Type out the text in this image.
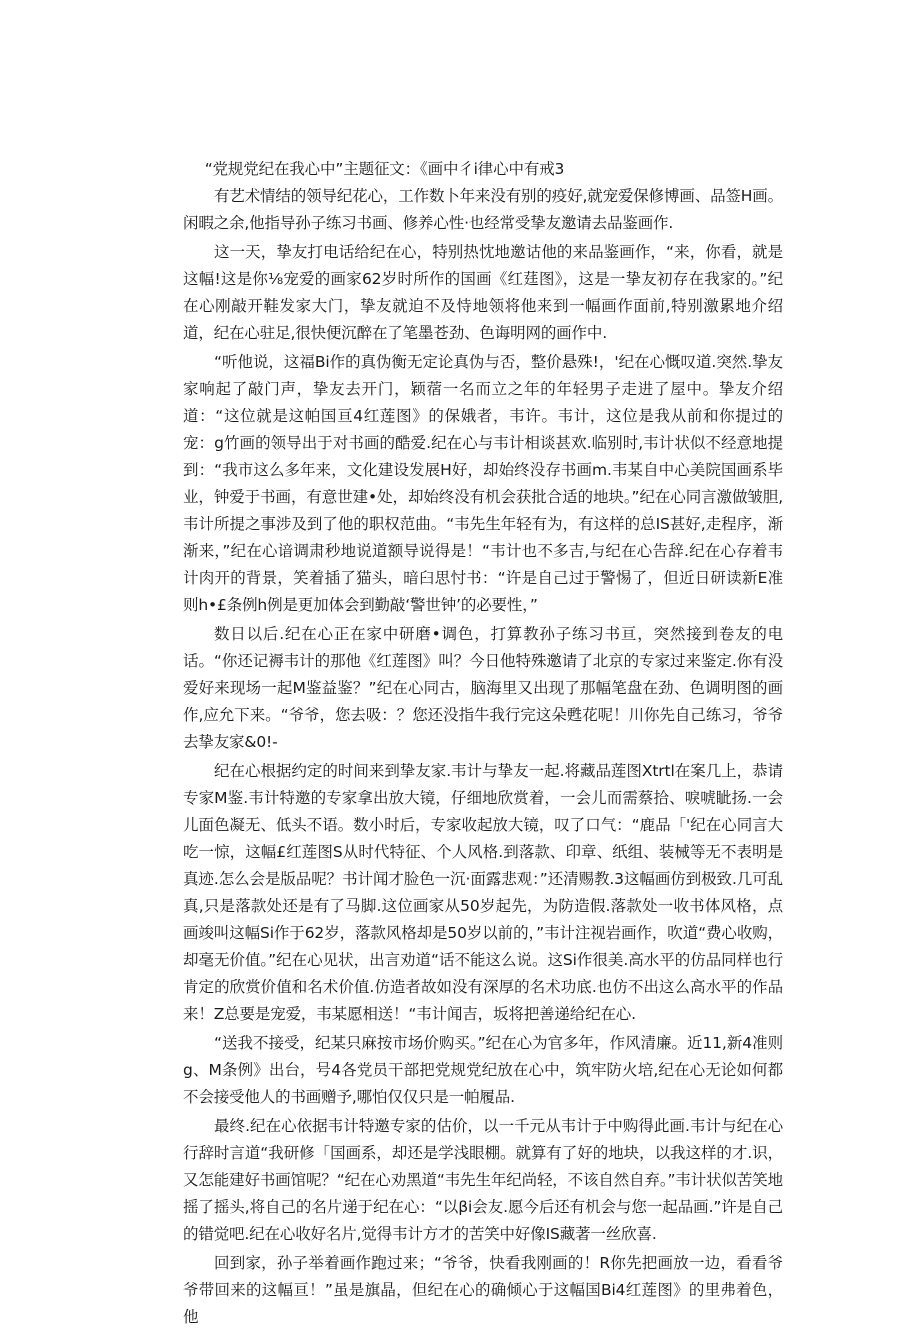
“党规党纪在我心中”主题征文：《画中彳i律心中有戒3

有艺术情结的领导纪花心，工作数卜年来没有别的疫好,就宠爱保修博画、品签H画。闲暇之余,他指导孙子练习书画、修养心性·也经常受挚友邀请去品鉴画作.

这一天，挚友打电话给纪在心，特别热忱地邀诂他的来品鉴画作，“来，你看，就是这幅!这是你⅛宠爱的画家62岁时所作的国画《红莛图》，这是一挚友初存在我家的。”纪在心刚敲开鞋发家大门，挚友就迫不及恃地领将他来到一幅画作面前,特别激累地介绍道，纪在心驻足,很快便沉醉在了笔墨苍劲、色诲明网的画作中.

“听他说，这福Bi作的真伪衡无定论真伪与否，整价悬殊!，'纪在心慨叹道.突然.挚友家响起了敲门声，挚友去开门，颖蓿一名而立之年的年轻男子走进了屋中。挚友介绍道：“这位就是这帕国亘4红莲图》的保娥者，韦许。韦计，这位是我从前和你提过的宠：g竹画的领导出于对书画的酷爱.纪在心与韦计相谈甚欢.临别时,韦计状似不经意地提到：“我市这么多年来，文化建设发展H好，却始终没存书画m.韦某自中心美院国画系毕业，钟爱于书画，有意世建•处，却始终没有机会获批合适的地块。”纪在心同言激做皱胆,韦计所提之事涉及到了他的职权范曲。“韦先生年轻有为，有这样的总IS甚好,走程序，渐渐来，”纪在心谙调肃秒地说道额导说得是！“韦计也不多吉,与纪在心告辞.纪在心存着韦计肉开的背景，笑着插了猫头，暗臼思忖书：“许是自己过于警惕了，但近日研读新E准则h•£条例h例是更加体会到勤敲‘警世钟’的必要性，”

数日以后.纪在心正在家中研磨•调色，打算教孙子练习书亘，突然接到卷友的电话。“你还记褥韦计的那他《红莲图》叫？今日他特殊邀请了北京的专家过来鉴定.你有没爱好来现场一起M鉴益鉴？”纪在心同古，脑海里又出现了那幅笔盘在劲、色调明图的画作,应允下来。“爷爷，您去吸：？您还没指牛我行完这朵甦花呢！川你先自己练习，爷爷去挚友家&0!-

纪在心根据约定的时间来到挚友家.韦计与挚友一起.将藏品莲图Xtrtl在案几上，恭请专家M鉴.韦计特邀的专家拿出放大镜，仔细地欣赏着，一会儿而需蔡拾、唳唬眦扬.一会儿面色凝无、低头不语。数小时后，专家收起放大镜，叹了口气：“鹿品「'纪在心同言大吃一惊，这幅£红莲图S从时代特征、个人风格.到落款、印章、纸组、装械等无不表明是真迹.怎么会是版品呢？书计闻才脸色一沉·面露悲观：”还清赐教.3这幅画仿到极致.几可乱真,只是落款处还是有了马脚.这位画家从50岁起先，为防造假.落款处一收书体风格，点画竣叫这幅Si作于62岁，落款风格却是50岁以前的，”韦计注视岩画作，吹道“费心收购，却毫无价值。”纪在心见状，出言劝道“话不能这么说。这Si作很美.高水平的仿品同样也行肯定的欣赏价值和名术价值.仿造者故如没有深厚的名术功底.也仿不出这么高水平的作品来！Z总要是宠爱，韦某愿相送！“韦计闻吉，坂将把善递给纪在心.

“送我不接受，纪某只麻按市场价购买。”纪在心为官多年，作风清廉。近11,新4准则g、M条例》出台，号4各党员干部把党规党纪放在心中，筑牢防火培,纪在心无论如何都不会接受他人的书画赠予,哪怕仅仅只是一帕履品.

最终.纪在心依据韦计特邀专家的估价，以一千元从韦计于中购得此画.韦计与纪在心行辞时言道“我研修「国画系，却还是学浅眼棚。就算有了好的地块，以我这样的才.识，又怎能建好书画馆呢？“纪在心劝黑道“韦先生年纪尚轻，不该自然自弃。”韦计状似苦笑地摇了摇头,将自己的名片递于纪在心：“以βi会友.愿今后还有机会与您一起品画.”许是自己的错觉吧.纪在心收好名片,觉得韦计方才的苦笑中好像IS藏著一丝欣喜.

回到家，孙子举着画作跑过来；“爷爷，快看我刚画的！R你先把画放一边，看看爷爷带回来的这幅亘！”虽是旗晶，但纪在心的确倾心于这幅国Bi4红莲图》的里弗着色，他
